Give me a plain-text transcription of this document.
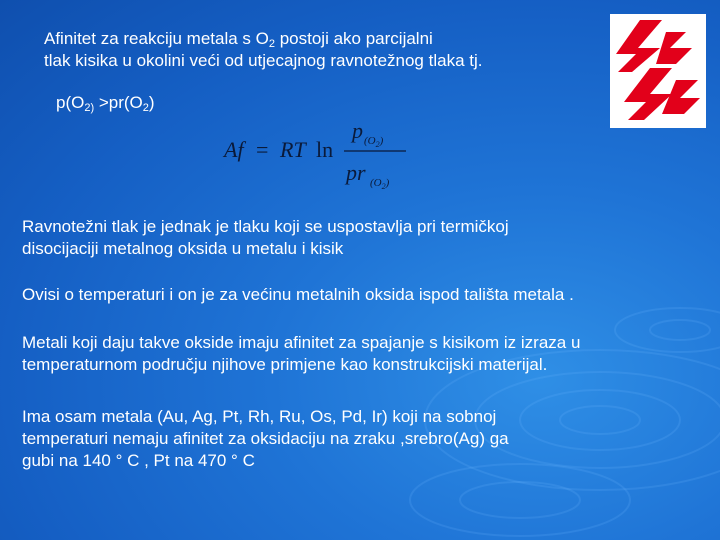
Afinitet za reakciju metala s $O_2$ postoji ako parcijalni
tlak kisika u okolini veći od utjecajnog ravnotežnog tlaka tj.
$p(O_{2)} >pr(O_2)$
Af = RT ln
p $(O_2)$
pr $(O_2)$
Ravnotežni tlak je jednak je tlaku koji se uspostavlja pri termičkoj
disocijaciji metalnog oksida u metalu i kisik
Ovisi o temperaturi i on je za većinu metalnih oksida ispod tališta metala .
Metali koji daju takve okside imaju afinitet za spajanje s kisikom iz izraza u
temperaturnom području njihove primjene kao konstrukcijski materijal.
Ima osam metala (Au, Ag, Pt, Rh, Ru, Os, Pd, Ir) koji na sobnoj
temperaturi nemaju afinitet za oksidaciju na zraku ,srebro(Ag) ga
gubi na 140 ° C , Pt na 470 ° C
